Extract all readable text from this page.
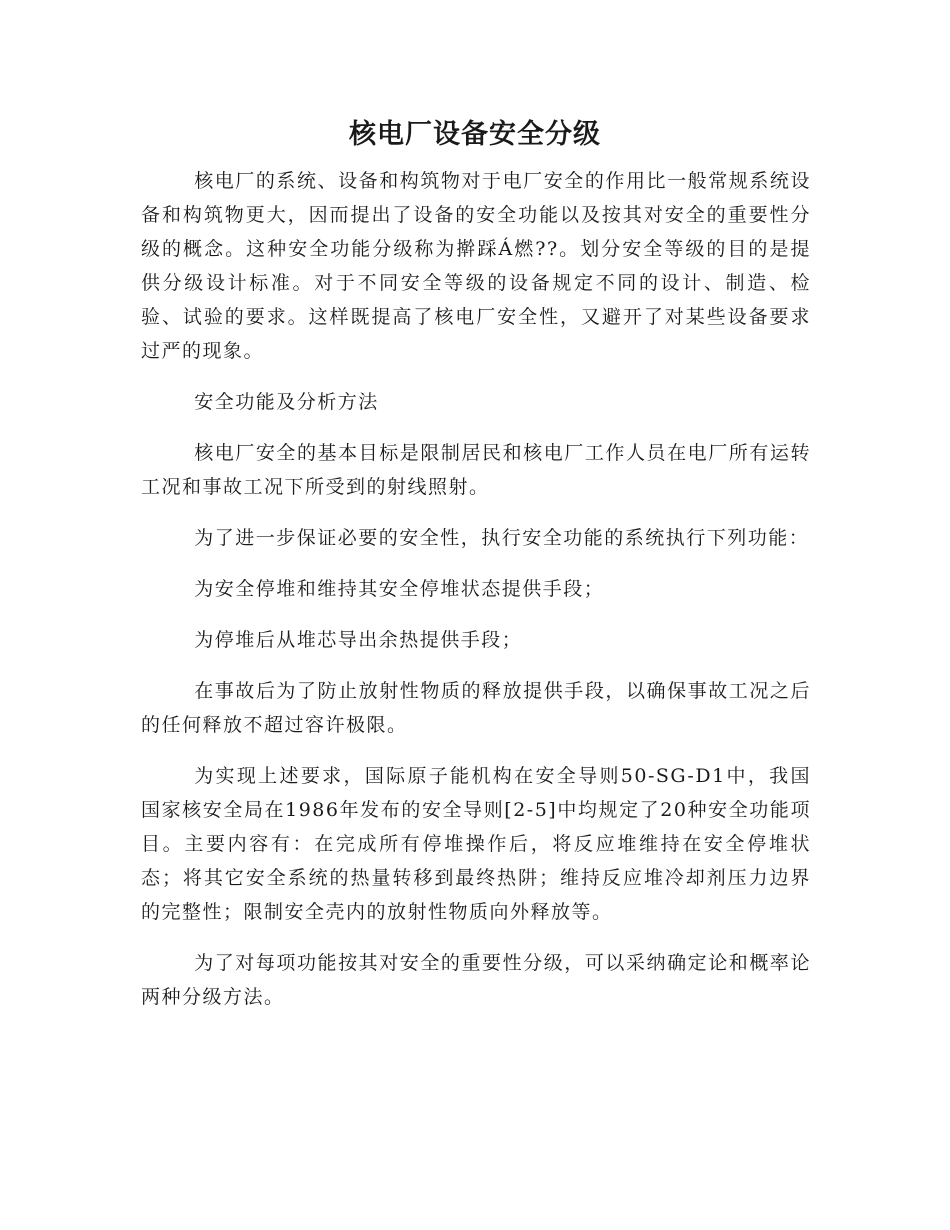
核电厂设备安全分级

核电厂的系统、设备和构筑物对于电厂安全的作用比一般常规系统设备和构筑物更大，因而提出了设备的安全功能以及按其对安全的重要性分级的概念。这种安全功能分级称为擀踩Á燃??。划分安全等级的目的是提供分级设计标准。对于不同安全等级的设备规定不同的设计、制造、检验、试验的要求。这样既提高了核电厂安全性，又避开了对某些设备要求过严的现象。

安全功能及分析方法

核电厂安全的基本目标是限制居民和核电厂工作人员在电厂所有运转工况和事故工况下所受到的射线照射。

为了进一步保证必要的安全性，执行安全功能的系统执行下列功能：

为安全停堆和维持其安全停堆状态提供手段；

为停堆后从堆芯导出余热提供手段；

在事故后为了防止放射性物质的释放提供手段，以确保事故工况之后的任何释放不超过容许极限。

为实现上述要求，国际原子能机构在安全导则50-SG-D1中，我国国家核安全局在1986年发布的安全导则[2-5]中均规定了20种安全功能项目。主要内容有：在完成所有停堆操作后，将反应堆维持在安全停堆状态；将其它安全系统的热量转移到最终热阱；维持反应堆冷却剂压力边界的完整性；限制安全壳内的放射性物质向外释放等。

为了对每项功能按其对安全的重要性分级，可以采纳确定论和概率论两种分级方法。
